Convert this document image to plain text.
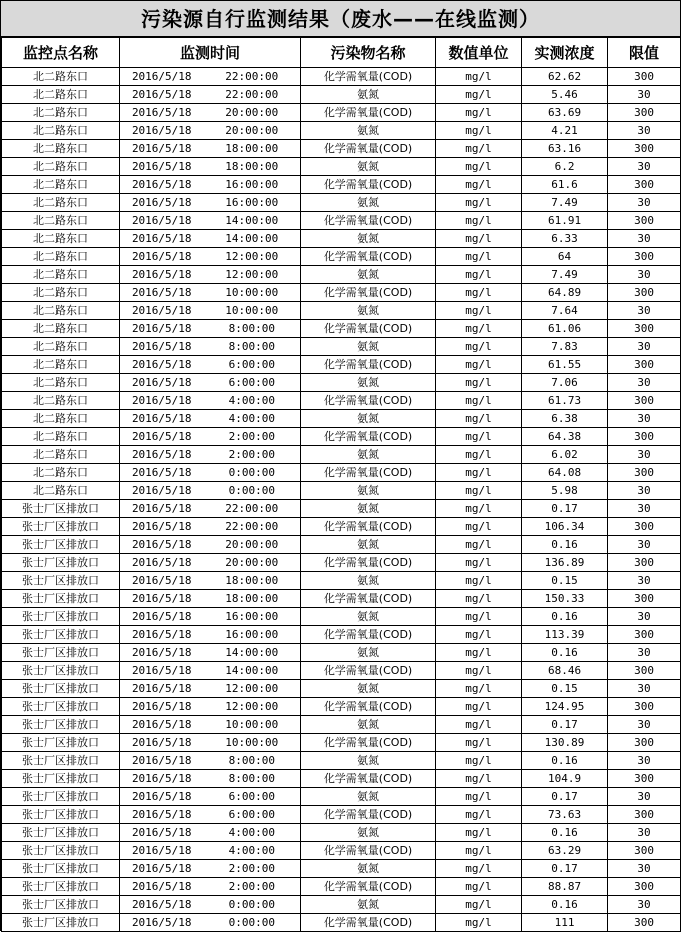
污染源自行监测结果（废水——在线监测）
监控点名称	监测时间		污染物名称	数值单位	实测浓度	限值
北二路东口	2016/5/18	22:00:00	化学需氧量(COD)	mg/l	62.62	300
北二路东口	2016/5/18	22:00:00	氨氮	mg/l	5.46	30
北二路东口	2016/5/18	20:00:00	化学需氧量(COD)	mg/l	63.69	300
北二路东口	2016/5/18	20:00:00	氨氮	mg/l	4.21	30
北二路东口	2016/5/18	18:00:00	化学需氧量(COD)	mg/l	63.16	300
北二路东口	2016/5/18	18:00:00	氨氮	mg/l	6.2	30
北二路东口	2016/5/18	16:00:00	化学需氧量(COD)	mg/l	61.6	300
北二路东口	2016/5/18	16:00:00	氨氮	mg/l	7.49	30
北二路东口	2016/5/18	14:00:00	化学需氧量(COD)	mg/l	61.91	300
北二路东口	2016/5/18	14:00:00	氨氮	mg/l	6.33	30
北二路东口	2016/5/18	12:00:00	化学需氧量(COD)	mg/l	64	300
北二路东口	2016/5/18	12:00:00	氨氮	mg/l	7.49	30
北二路东口	2016/5/18	10:00:00	化学需氧量(COD)	mg/l	64.89	300
北二路东口	2016/5/18	10:00:00	氨氮	mg/l	7.64	30
北二路东口	2016/5/18	8:00:00	化学需氧量(COD)	mg/l	61.06	300
北二路东口	2016/5/18	8:00:00	氨氮	mg/l	7.83	30
北二路东口	2016/5/18	6:00:00	化学需氧量(COD)	mg/l	61.55	300
北二路东口	2016/5/18	6:00:00	氨氮	mg/l	7.06	30
北二路东口	2016/5/18	4:00:00	化学需氧量(COD)	mg/l	61.73	300
北二路东口	2016/5/18	4:00:00	氨氮	mg/l	6.38	30
北二路东口	2016/5/18	2:00:00	化学需氧量(COD)	mg/l	64.38	300
北二路东口	2016/5/18	2:00:00	氨氮	mg/l	6.02	30
北二路东口	2016/5/18	0:00:00	化学需氧量(COD)	mg/l	64.08	300
北二路东口	2016/5/18	0:00:00	氨氮	mg/l	5.98	30
张士厂区排放口	2016/5/18	22:00:00	氨氮	mg/l	0.17	30
张士厂区排放口	2016/5/18	22:00:00	化学需氧量(COD)	mg/l	106.34	300
张士厂区排放口	2016/5/18	20:00:00	氨氮	mg/l	0.16	30
张士厂区排放口	2016/5/18	20:00:00	化学需氧量(COD)	mg/l	136.89	300
张士厂区排放口	2016/5/18	18:00:00	氨氮	mg/l	0.15	30
张士厂区排放口	2016/5/18	18:00:00	化学需氧量(COD)	mg/l	150.33	300
张士厂区排放口	2016/5/18	16:00:00	氨氮	mg/l	0.16	30
张士厂区排放口	2016/5/18	16:00:00	化学需氧量(COD)	mg/l	113.39	300
张士厂区排放口	2016/5/18	14:00:00	氨氮	mg/l	0.16	30
张士厂区排放口	2016/5/18	14:00:00	化学需氧量(COD)	mg/l	68.46	300
张士厂区排放口	2016/5/18	12:00:00	氨氮	mg/l	0.15	30
张士厂区排放口	2016/5/18	12:00:00	化学需氧量(COD)	mg/l	124.95	300
张士厂区排放口	2016/5/18	10:00:00	氨氮	mg/l	0.17	30
张士厂区排放口	2016/5/18	10:00:00	化学需氧量(COD)	mg/l	130.89	300
张士厂区排放口	2016/5/18	8:00:00	氨氮	mg/l	0.16	30
张士厂区排放口	2016/5/18	8:00:00	化学需氧量(COD)	mg/l	104.9	300
张士厂区排放口	2016/5/18	6:00:00	氨氮	mg/l	0.17	30
张士厂区排放口	2016/5/18	6:00:00	化学需氧量(COD)	mg/l	73.63	300
张士厂区排放口	2016/5/18	4:00:00	氨氮	mg/l	0.16	30
张士厂区排放口	2016/5/18	4:00:00	化学需氧量(COD)	mg/l	63.29	300
张士厂区排放口	2016/5/18	2:00:00	氨氮	mg/l	0.17	30
张士厂区排放口	2016/5/18	2:00:00	化学需氧量(COD)	mg/l	88.87	300
张士厂区排放口	2016/5/18	0:00:00	氨氮	mg/l	0.16	30
张士厂区排放口	2016/5/18	0:00:00	化学需氧量(COD)	mg/l	111	300
